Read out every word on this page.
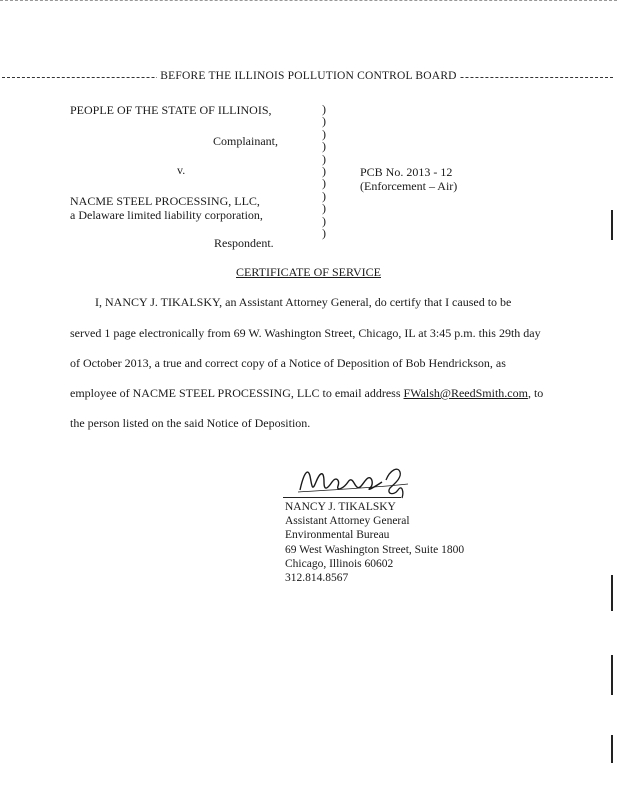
BEFORE THE ILLINOIS POLLUTION CONTROL BOARD
PEOPLE OF THE STATE OF ILLINOIS,
Complainant,
v.
NACME STEEL PROCESSING, LLC,
a Delaware limited liability corporation,
Respondent.
)
)
)
)
)
)
)
)
)
)
)
PCB No. 2013 - 12
(Enforcement – Air)
CERTIFICATE OF SERVICE
I, NANCY J. TIKALSKY, an Assistant Attorney General, do certify that I caused to be
served 1 page electronically from 69 W. Washington Street, Chicago, IL at 3:45 p.m. this 29th day
of October 2013, a true and correct copy of a Notice of Deposition of Bob Hendrickson, as
employee of NACME STEEL PROCESSING, LLC to email address FWalsh@ReedSmith.com, to
the person listed on the said Notice of Deposition.
NANCY J. TIKALSKY
Assistant Attorney General
Environmental Bureau
69 West Washington Street, Suite 1800
Chicago, Illinois 60602
312.814.8567
